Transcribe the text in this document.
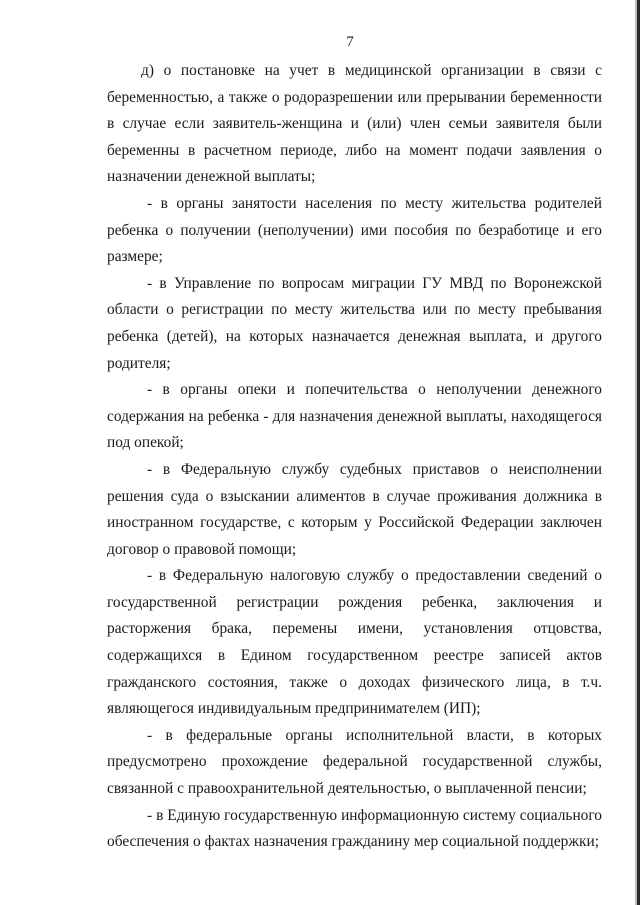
7

д) о постановке на учет в медицинской организации в связи с беременностью, а также о родоразрешении или прерывании беременности в случае если заявитель-женщина и (или) член семьи заявителя были беременны в расчетном периоде, либо на момент подачи заявления о назначении денежной выплаты;

- в органы занятости населения по месту жительства родителей ребенка о получении (неполучении) ими пособия по безработице и его размере;

- в Управление по вопросам миграции ГУ МВД по Воронежской области о регистрации по месту жительства или по месту пребывания ребенка (детей), на которых назначается денежная выплата, и другого родителя;

- в органы опеки и попечительства о неполучении денежного содержания на ребенка - для назначения денежной выплаты, находящегося под опекой;

- в Федеральную службу судебных приставов о неисполнении решения суда о взыскании алиментов в случае проживания должника в иностранном государстве, с которым у Российской Федерации заключен договор о правовой помощи;

- в Федеральную налоговую службу о предоставлении сведений о государственной регистрации рождения ребенка, заключения и расторжения брака, перемены имени, установления отцовства, содержащихся в Едином государственном реестре записей актов гражданского состояния, также о доходах физического лица, в т.ч. являющегося индивидуальным предпринимателем (ИП);

- в федеральные органы исполнительной власти, в которых предусмотрено прохождение федеральной государственной службы, связанной с правоохранительной деятельностью, о выплаченной пенсии;

- в Единую государственную информационную систему социального обеспечения о фактах назначения гражданину мер социальной поддержки;
